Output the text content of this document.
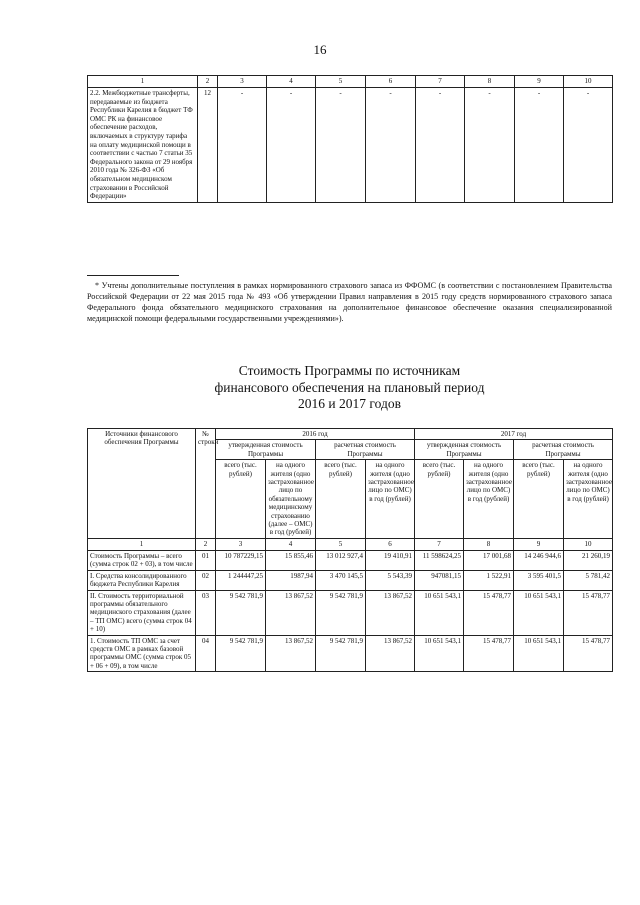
16
1	2	3	4	5	6	7	8	9	10
2.2. Межбюджетные трансферты, передаваемые из бюджета Республики Карелия в бюджет ТФ ОМС РК на финансовое обеспечение расходов, включаемых в структуру тарифа на оплату медицинской помощи в соответствии с частью 7 статьи 35 Федерального закона от 29 ноября 2010 года № 326-ФЗ «Об обязательном медицинском страховании в Российской Федерации»	12	-	-	-	-	-	-	-	-
* Учтены дополнительные поступления в рамках нормированного страхового запаса из ФФОМС (в соответствии с постановлением Правительства Российской Федерации от 22 мая 2015 года № 493 «Об утверждении Правил направления в 2015 году средств нормированного страхового запаса Федерального фонда обязательного медицинского страхования на дополнительное финансовое обеспечение оказания специализированной медицинской помощи федеральными государственными учреждениями»).
Стоимость Программы по источникам
финансового обеспечения на плановый период
2016 и 2017 годов
Источники финансового обеспечения Программы	№ строки	2016 год				2017 год			
		утвержденная стоимость Программы		расчетная стоимость Программы		утвержденная стоимость Программы		расчетная стоимость Программы	
		всего (тыс. рублей)	на одного жителя (одно застрахованное лицо по обязательному медицинскому страхованию (далее – ОМС) в год (рублей)	всего (тыс. рублей)	на одного жителя (одно застрахованное лицо по ОМС) в год (рублей)	всего (тыс. рублей)	на одного жителя (одно застрахованное лицо по ОМС) в год (рублей)	всего (тыс. рублей)	на одного жителя (одно застрахованное лицо по ОМС) в год (рублей)
1	2	3	4	5	6	7	8	9	10
Стоимость Программы – всего (сумма строк 02 + 03), в том числе	01	10 787229,15	15 855,46	13 012 927,4	19 410,91	11 598624,25	17 001,68	14 246 944,6	21 260,19
I. Средства консолидированного бюджета Республики Карелия	02	1 244447,25	1987,94	3 470 145,5	5 543,39	947081,15	1 522,91	3 595 401,5	5 781,42
II. Стоимость территориальной программы обязательного медицинского страхования (далее – ТП ОМС) всего (сумма строк 04 + 10)	03	9 542 781,9	13 867,52	9 542 781,9	13 867,52	10 651 543,1	15 478,77	10 651 543,1	15 478,77
1. Стоимость ТП ОМС за счет средств ОМС в рамках базовой программы ОМС (сумма строк 05 + 06 + 09), в том числе	04	9 542 781,9	13 867,52	9 542 781,9	13 867,52	10 651 543,1	15 478,77	10 651 543,1	15 478,77
